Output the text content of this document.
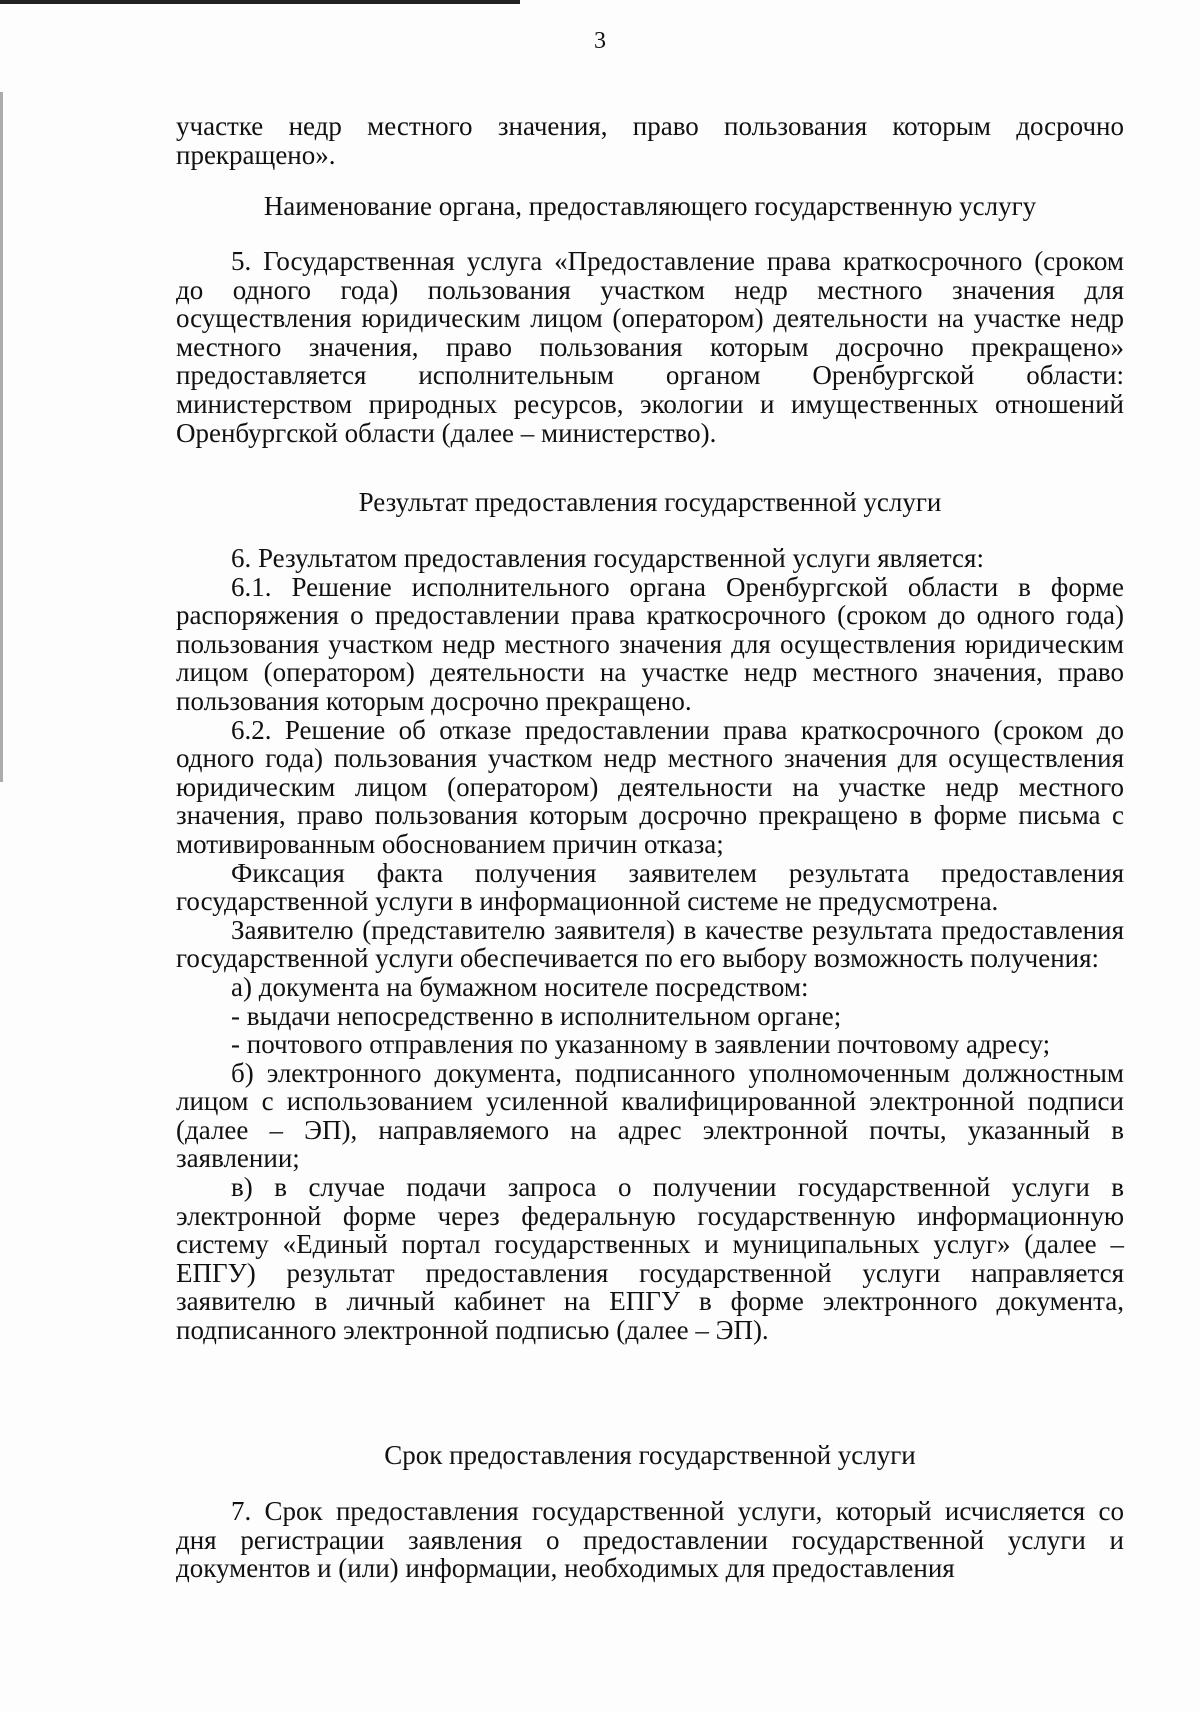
3

участке недр местного значения, право пользования которым досрочно прекращено».

Наименование органа, предоставляющего государственную услугу

5. Государственная услуга «Предоставление права краткосрочного (сроком до одного года) пользования участком недр местного значения для осуществления юридическим лицом (оператором) деятельности на участке недр местного значения, право пользования которым досрочно прекращено» предоставляется исполнительным органом Оренбургской области: министерством природных ресурсов, экологии и имущественных отношений Оренбургской области (далее – министерство).

Результат предоставления государственной услуги

6. Результатом предоставления государственной услуги является:

6.1. Решение исполнительного органа Оренбургской области в форме распоряжения о предоставлении права краткосрочного (сроком до одного года) пользования участком недр местного значения для осуществления юридическим лицом (оператором) деятельности на участке недр местного значения, право пользования которым досрочно прекращено.

6.2. Решение об отказе предоставлении права краткосрочного (сроком до одного года) пользования участком недр местного значения для осуществления юридическим лицом (оператором) деятельности на участке недр местного значения, право пользования которым досрочно прекращено в форме письма с мотивированным обоснованием причин отказа;

Фиксация факта получения заявителем результата предоставления государственной услуги в информационной системе не предусмотрена.

Заявителю (представителю заявителя) в качестве результата предоставления государственной услуги обеспечивается по его выбору возможность получения:

а) документа на бумажном носителе посредством:

- выдачи непосредственно в исполнительном органе;

- почтового отправления по указанному в заявлении почтовому адресу;

б) электронного документа, подписанного уполномоченным должностным лицом с использованием усиленной квалифицированной электронной подписи (далее – ЭП), направляемого на адрес электронной почты, указанный в заявлении;

в) в случае подачи запроса о получении государственной услуги в электронной форме через федеральную государственную информационную систему «Единый портал государственных и муниципальных услуг» (далее – ЕПГУ) результат предоставления государственной услуги направляется заявителю в личный кабинет на ЕПГУ в форме электронного документа, подписанного электронной подписью (далее – ЭП).

Срок предоставления государственной услуги

7. Срок предоставления государственной услуги, который исчисляется со дня регистрации заявления о предоставлении государственной услуги и документов и (или) информации, необходимых для предоставления
